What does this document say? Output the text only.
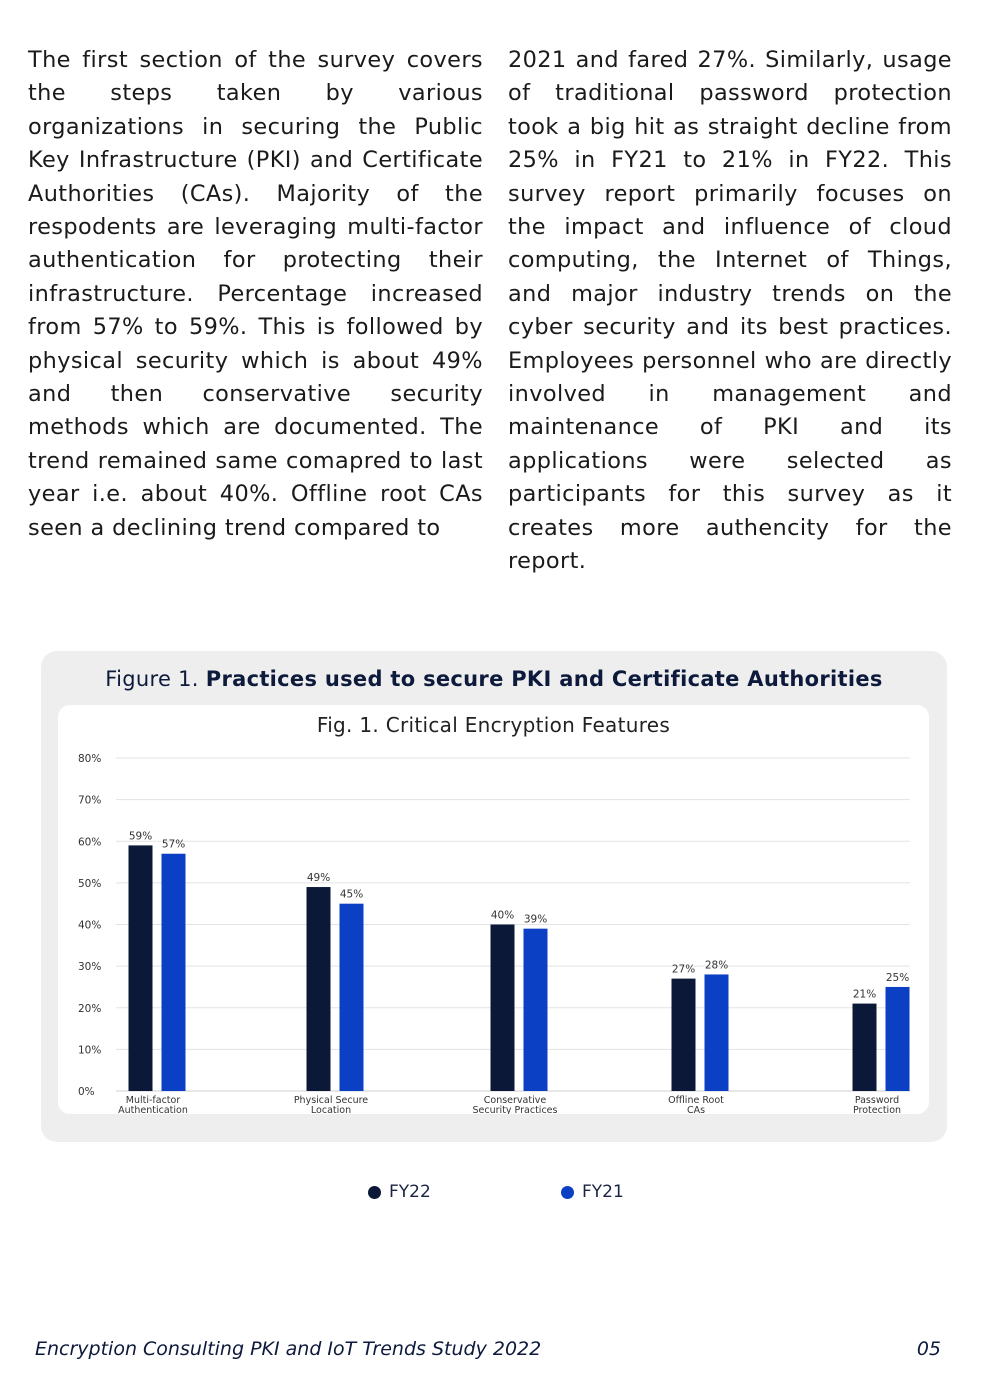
The first section of the survey covers the steps taken by various organizations in securing the Public Key Infrastructure (PKI) and Certificate Authorities (CAs). Majority of the respodents are leveraging multi-factor authentication for protecting their infrastructure. Percentage increased from 57% to 59%. This is followed by physical security which is about 49% and then conservative security methods which are documented. The trend remained same comapred to last year i.e. about 40%. Offline root CAs seen a declining trend compared to

2021 and fared 27%. Similarly, usage of traditional password protection took a big hit as straight decline from 25% in FY21 to 21% in FY22. This survey report primarily focuses on the impact and influence of cloud computing, the Internet of Things, and major industry trends on the cyber security and its best practices. Employees personnel who are directly involved in management and maintenance of PKI and its applications were selected as participants for this survey as it creates more authencity for the report.

Figure 1. Practices used to secure PKI and Certificate Authorities
Fig. 1. Critical Encryption Features
0%
10%
20%
30%
40%
50%
60%
70%
80%
59%
57%
Multi-factor
Authentication
49%
45%
Physical Secure
Location
40% 39%
Conservative
Security Practices
27% 28%
Offline Root
CAs
21%
25%
Password
Protection
FY22	FY21
Encryption Consulting PKI and IoT Trends Study 2022	05
